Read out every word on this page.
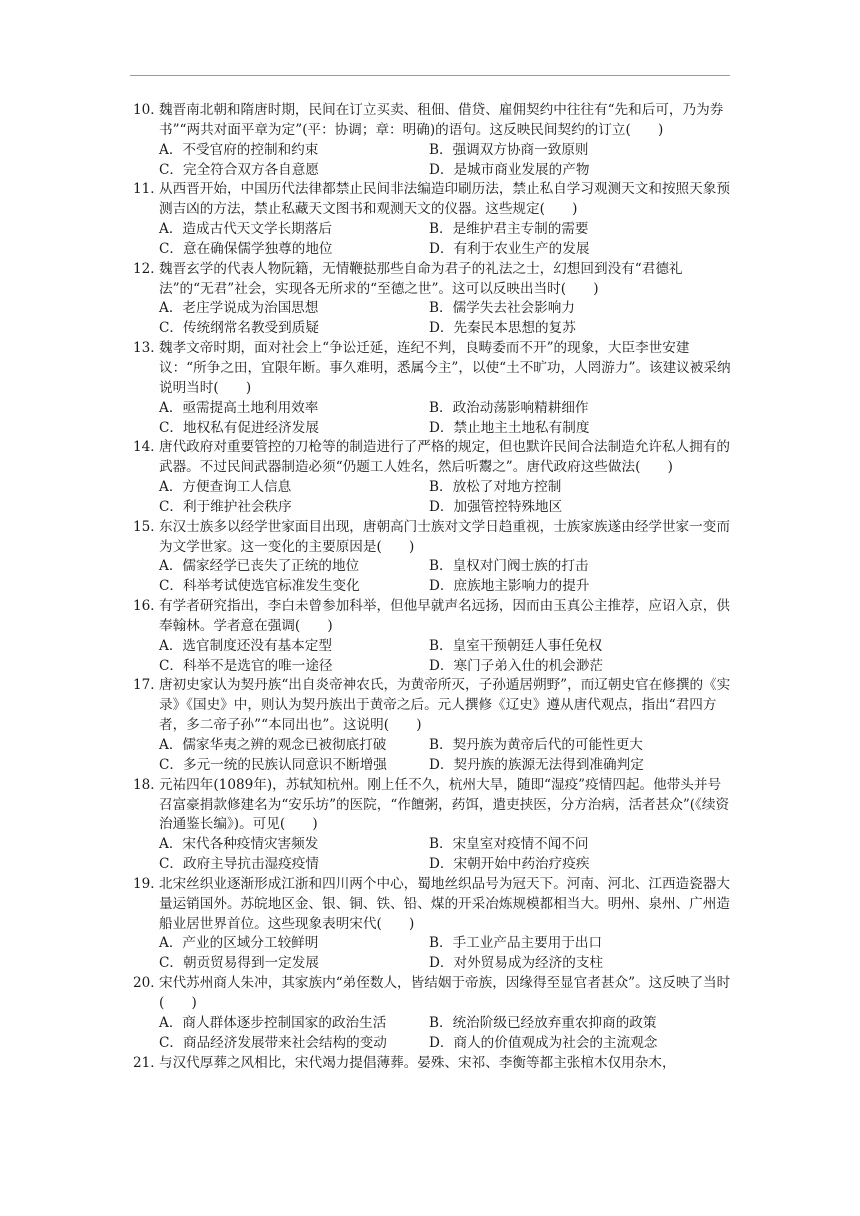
10．魏晋南北朝和隋唐时期，民间在订立买卖、租佃、借贷、雇佣契约中往往有“先和后可，乃为券书”“两共对面平章为定”(平：协调；章：明确)的语句。这反映民间契约的订立(　　)

A．不受官府的控制和约束	B．强调双方协商一致原则
C．完全符合双方各自意愿	D．是城市商业发展的产物

11．从西晋开始，中国历代法律都禁止民间非法编造印刷历法，禁止私自学习观测天文和按照天象预测吉凶的方法，禁止私藏天文图书和观测天文的仪器。这些规定(　　)

A．造成古代天文学长期落后	B．是维护君主专制的需要
C．意在确保儒学独尊的地位	D．有利于农业生产的发展

12．魏晋玄学的代表人物阮籍，无情鞭挞那些自命为君子的礼法之士，幻想回到没有“君德礼法”的“无君”社会，实现各无所求的“至德之世”。这可以反映出当时(　　)

A．老庄学说成为治国思想	B．儒学失去社会影响力
C．传统纲常名教受到质疑	D．先秦民本思想的复苏

13．魏孝文帝时期，面对社会上“争讼迁延，连纪不判，良畴委而不开”的现象，大臣李世安建议：“所争之田，宜限年断。事久难明，悉属今主”，以使“土不旷功，人罔游力”。该建议被采纳说明当时(　　)

A．亟需提高土地利用效率	B．政治动荡影响精耕细作
C．地权私有促进经济发展	D．禁止地主土地私有制度

14．唐代政府对重要管控的刀枪等的制造进行了严格的规定，但也默许民间合法制造允许私人拥有的武器。不过民间武器制造必须“仍题工人姓名，然后听鬻之”。唐代政府这些做法(　　)

A．方便查询工人信息	B．放松了对地方控制
C．利于维护社会秩序	D．加强管控特殊地区

15．东汉士族多以经学世家面目出现，唐朝高门士族对文学日趋重视，士族家族遂由经学世家一变而为文学世家。这一变化的主要原因是(　　)

A．儒家经学已丧失了正统的地位	B．皇权对门阀士族的打击
C．科举考试使选官标准发生变化	D．庶族地主影响力的提升

16．有学者研究指出，李白未曾参加科举，但他早就声名远扬，因而由玉真公主推荐，应诏入京，供奉翰林。学者意在强调(　　)

A．选官制度还没有基本定型	B．皇室干预朝廷人事任免权
C．科举不是选官的唯一途径	D．寒门子弟入仕的机会渺茫

17．唐初史家认为契丹族“出自炎帝神农氏，为黄帝所灭，子孙遁居朔野”，而辽朝史官在修撰的《实录》《国史》中，则认为契丹族出于黄帝之后。元人撰修《辽史》遵从唐代观点，指出“君四方者，多二帝子孙”“本同出也”。这说明(　　)

A．儒家华夷之辨的观念已被彻底打破	B．契丹族为黄帝后代的可能性更大
C．多元一统的民族认同意识不断增强	D．契丹族的族源无法得到准确判定

18．元祐四年(1089年)，苏轼知杭州。刚上任不久，杭州大旱，随即“湿疫”疫情四起。他带头并号召富豪捐款修建名为“安乐坊”的医院，“作饘粥，药饵，遣吏挟医，分方治病，活者甚众”(《续资治通鉴长编》)。可见(　　)

A．宋代各种疫情灾害频发	B．宋皇室对疫情不闻不问
C．政府主导抗击湿疫疫情	D．宋朝开始中药治疗疫疾

19．北宋丝织业逐渐形成江浙和四川两个中心，蜀地丝织品号为冠天下。河南、河北、江西造瓷器大量运销国外。苏皖地区金、银、铜、铁、铅、煤的开采冶炼规模都相当大。明州、泉州、广州造船业居世界首位。这些现象表明宋代(　　)

A．产业的区域分工较鲜明	B．手工业产品主要用于出口
C．朝贡贸易得到一定发展	D．对外贸易成为经济的支柱

20．宋代苏州商人朱冲，其家族内“弟侄数人，皆结姻于帝族，因缘得至显官者甚众”。这反映了当时(　　)

A．商人群体逐步控制国家的政治生活	B．统治阶级已经放弃重农抑商的政策
C．商品经济发展带来社会结构的变动	D．商人的价值观成为社会的主流观念

21．与汉代厚葬之风相比，宋代竭力提倡薄葬。晏殊、宋祁、李衡等都主张棺木仅用杂木，
